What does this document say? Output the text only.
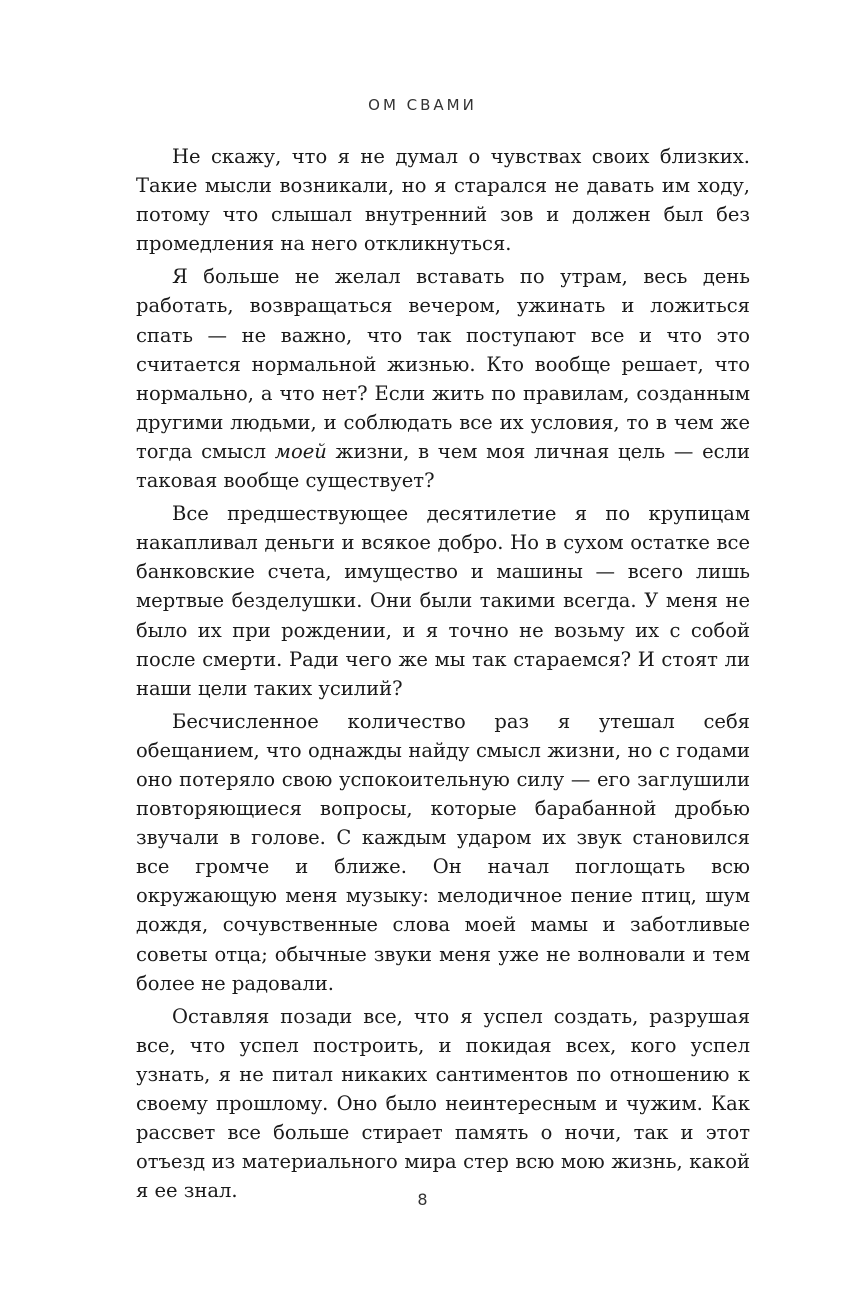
ОМ СВАМИ

Не скажу, что я не думал о чувствах своих близких. Такие мысли возникали, но я старался не давать им ходу, потому что слышал внутренний зов и должен был без промедления на него откликнуться.

Я больше не желал вставать по утрам, весь день работать, возвращаться вечером, ужинать и ложиться спать — не важно, что так поступают все и что это считается нормальной жизнью. Кто вообще решает, что нормально, а что нет? Если жить по правилам, созданным другими людьми, и соблюдать все их условия, то в чем же тогда смысл моей жизни, в чем моя личная цель — если таковая вообще существует?

Все предшествующее десятилетие я по крупицам накапливал деньги и всякое добро. Но в сухом остатке все банковские счета, имущество и машины — всего лишь мертвые безделушки. Они были такими всегда. У меня не было их при рождении, и я точно не возьму их с собой после смерти. Ради чего же мы так стараемся? И стоят ли наши цели таких усилий?

Бесчисленное количество раз я утешал себя обещанием, что однажды найду смысл жизни, но с годами оно потеряло свою успокоительную силу — его заглушили повторяющиеся вопросы, которые барабанной дробью звучали в голове. С каждым ударом их звук становился все громче и ближе. Он начал поглощать всю окружающую меня музыку: мелодичное пение птиц, шум дождя, сочувственные слова моей мамы и заботливые советы отца; обычные звуки меня уже не волновали и тем более не радовали.

Оставляя позади все, что я успел создать, разрушая все, что успел построить, и покидая всех, кого успел узнать, я не питал никаких сантиментов по отношению к своему прошлому. Оно было неинтересным и чужим. Как рассвет все больше стирает память о ночи, так и этот отъезд из материального мира стер всю мою жизнь, какой я ее знал.	8
